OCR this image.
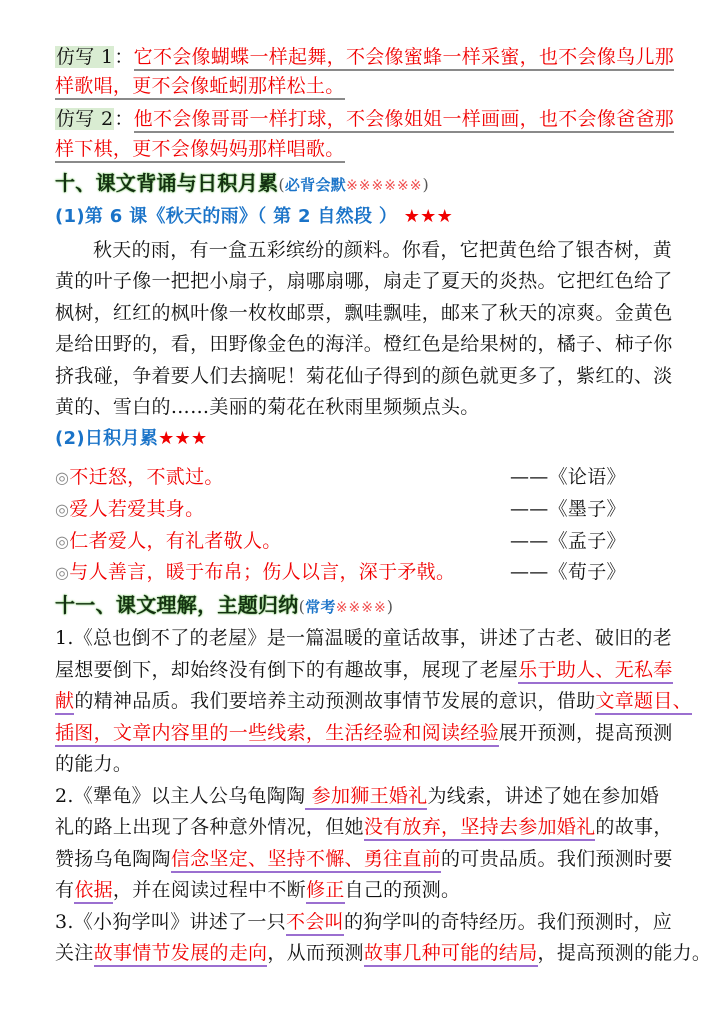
仿写 1：它不会像蝴蝶一样起舞，不会像蜜蜂一样采蜜，也不会像鸟儿那
样歌唱，更不会像蚯蚓那样松土。
仿写 2：他不会像哥哥一样打球，不会像姐姐一样画画，也不会像爸爸那
样下棋，更不会像妈妈那样唱歌。
十、课文背诵与日积月累(必背会默※※※※※※)
(1)第 6 课《秋天的雨》（ 第 2 自然段 ） ★★★
秋天的雨，有一盒五彩缤纷的颜料。你看，它把黄色给了银杏树，黄
黄的叶子像一把把小扇子，扇哪扇哪，扇走了夏天的炎热。它把红色给了
枫树，红红的枫叶像一枚枚邮票，飘哇飘哇，邮来了秋天的凉爽。金黄色
是给田野的，看，田野像金色的海洋。橙红色是给果树的，橘子、柿子你
挤我碰，争着要人们去摘呢！菊花仙子得到的颜色就更多了，紫红的、淡
黄的、雪白的……美丽的菊花在秋雨里频频点头。
(2)日积月累★★★
◎不迁怒，不贰过。	——《论语》
◎爱人若爱其身。	——《墨子》
◎仁者爱人，有礼者敬人。	——《孟子》
◎与人善言，暖于布帛；伤人以言，深于矛戟。	——《荀子》
十一、课文理解，主题归纳(常考※※※※)
1.《总也倒不了的老屋》是一篇温暖的童话故事，讲述了古老、破旧的老
屋想要倒下，却始终没有倒下的有趣故事，展现了老屋乐于助人、无私奉
献的精神品质。我们要培养主动预测故事情节发展的意识，借助文章题目、
插图，文章内容里的一些线索，生活经验和阅读经验展开预测，提高预测
的能力。
2.《犟龟》以主人公乌龟陶陶 参加狮王婚礼为线索，讲述了她在参加婚
礼的路上出现了各种意外情况，但她没有放弃，坚持去参加婚礼的故事，
赞扬乌龟陶陶信念坚定、坚持不懈、勇往直前的可贵品质。我们预测时要
有依据，并在阅读过程中不断修正自己的预测。
3.《小狗学叫》讲述了一只不会叫的狗学叫的奇特经历。我们预测时，应
关注故事情节发展的走向，从而预测故事几种可能的结局，提高预测的能力。
